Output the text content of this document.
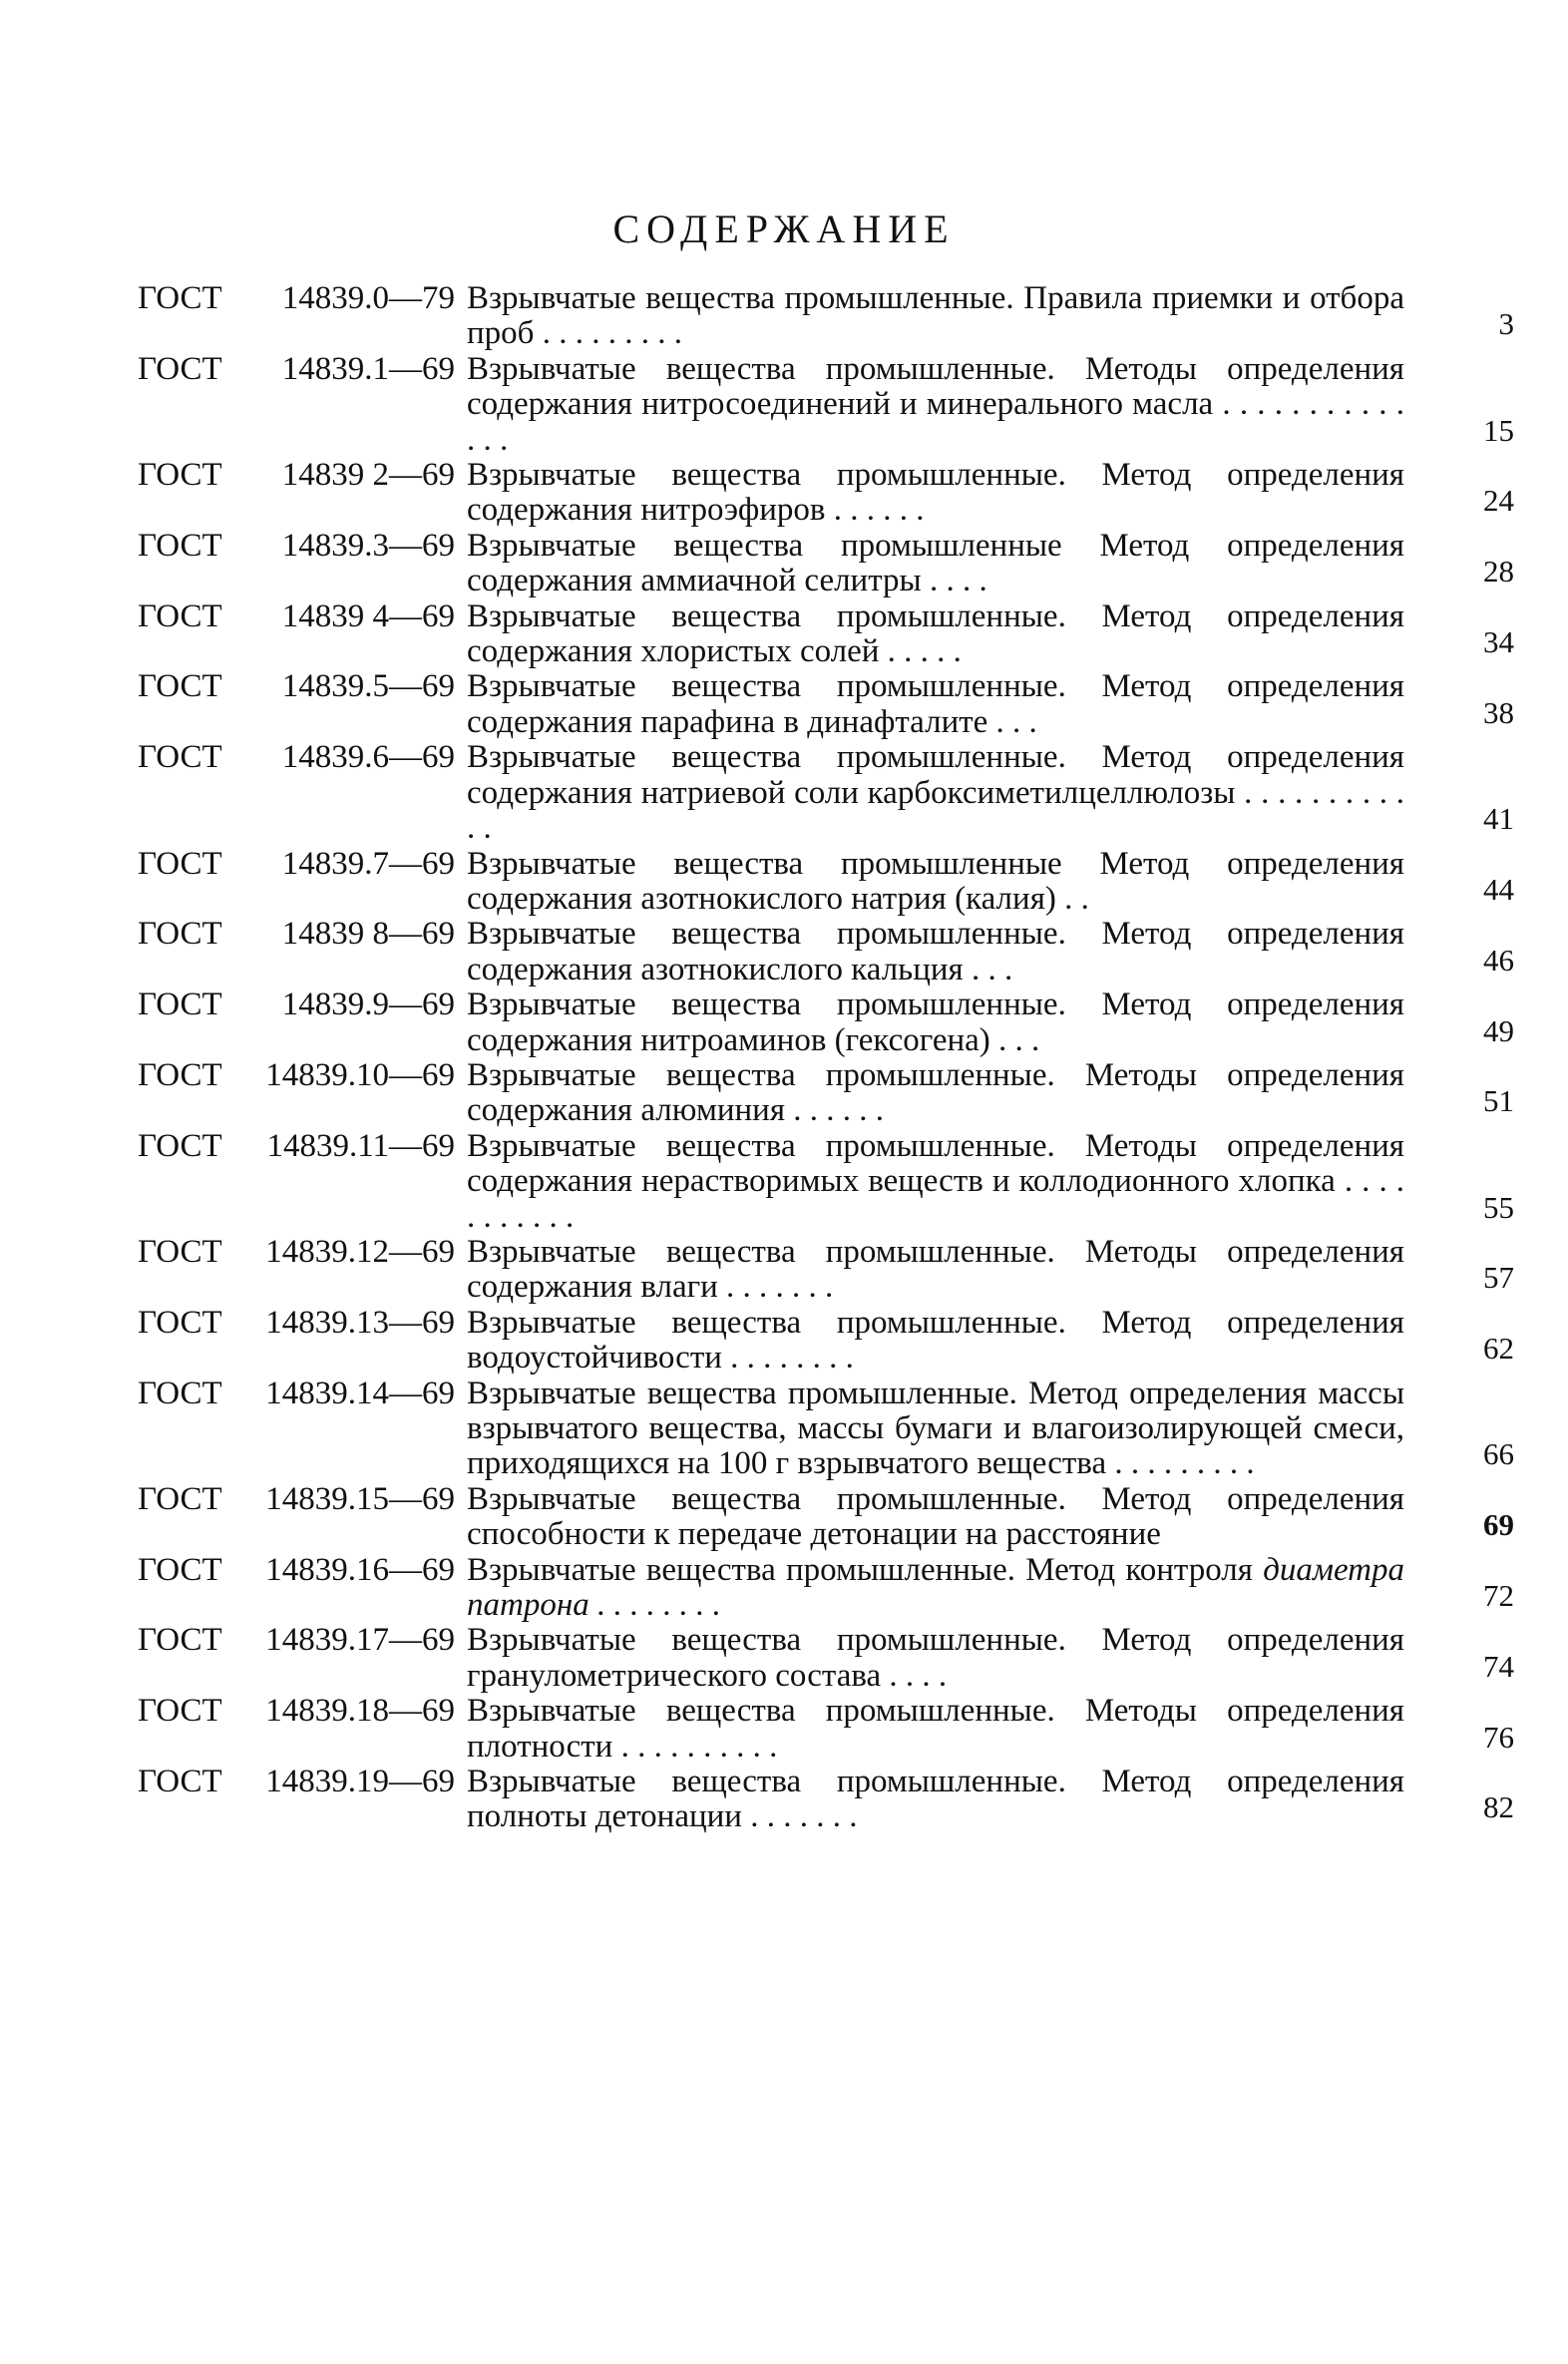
СОДЕРЖАНИЕ
ГОСТ	14839.0—79 Взрывчатые вещества промышленные. Правила приемки и отбора проб . . . . . . . . .	3
ГОСТ	14839.1—69 Взрывчатые вещества промышленные. Методы определения содержания нитросоединений и минерального масла . . . . . . . . . . . . . .	15
ГОСТ	14839 2—69 Взрывчатые вещества промышленные. Метод определения содержания нитроэфиров . . . . . .	24
ГОСТ	14839.3—69 Взрывчатые вещества промышленные Метод определения содержания аммиачной селитры . . . .	28
ГОСТ	14839 4—69 Взрывчатые вещества промышленные. Метод определения содержания хлористых солей . . . . .	34
ГОСТ	14839.5—69 Взрывчатые вещества промышленные. Метод определения содержания парафина в динафталите . . .	38
ГОСТ	14839.6—69 Взрывчатые вещества промышленные. Метод определения содержания натриевой соли карбоксиметилцеллюлозы . . . . . . . . . . . .	41
ГОСТ	14839.7—69 Взрывчатые вещества промышленные Метод определения содержания азотнокислого натрия (калия) . .	44
ГОСТ	14839 8—69 Взрывчатые вещества промышленные. Метод определения содержания азотнокислого кальция . . .	46
ГОСТ	14839.9—69 Взрывчатые вещества промышленные. Метод определения содержания нитроаминов (гексогена) . . .	49
ГОСТ	14839.10—69 Взрывчатые вещества промышленные. Методы определения содержания алюминия . . . . . .	51
ГОСТ	14839.11—69 Взрывчатые вещества промышленные. Методы определения содержания нерастворимых веществ и коллодионного хлопка . . . . . . . . . . .	55
ГОСТ	14839.12—69 Взрывчатые вещества промышленные. Методы определения содержания влаги . . . . . . .	57
ГОСТ	14839.13—69 Взрывчатые вещества промышленные. Метод определения водоустойчивости . . . . . . . .	62
ГОСТ	14839.14—69 Взрывчатые вещества промышленные. Метод определения массы взрывчатого вещества, массы бумаги и влагоизолирующей смеси, приходящихся на 100 г взрывчатого вещества . . . . . . . . .	66
ГОСТ	14839.15—69 Взрывчатые вещества промышленные. Метод определения способности к передаче детонации на расстояние	69
ГОСТ	14839.16—69 Взрывчатые вещества промышленные. Метод контроля диаметра патрона . . . . . . . .	72
ГОСТ	14839.17—69 Взрывчатые вещества промышленные. Метод определения гранулометрического состава . . . .	74
ГОСТ	14839.18—69 Взрывчатые вещества промышленные. Методы определения плотности . . . . . . . . . .	76
ГОСТ	14839.19—69 Взрывчатые вещества промышленные. Метод определения полноты детонации . . . . . . .	82
